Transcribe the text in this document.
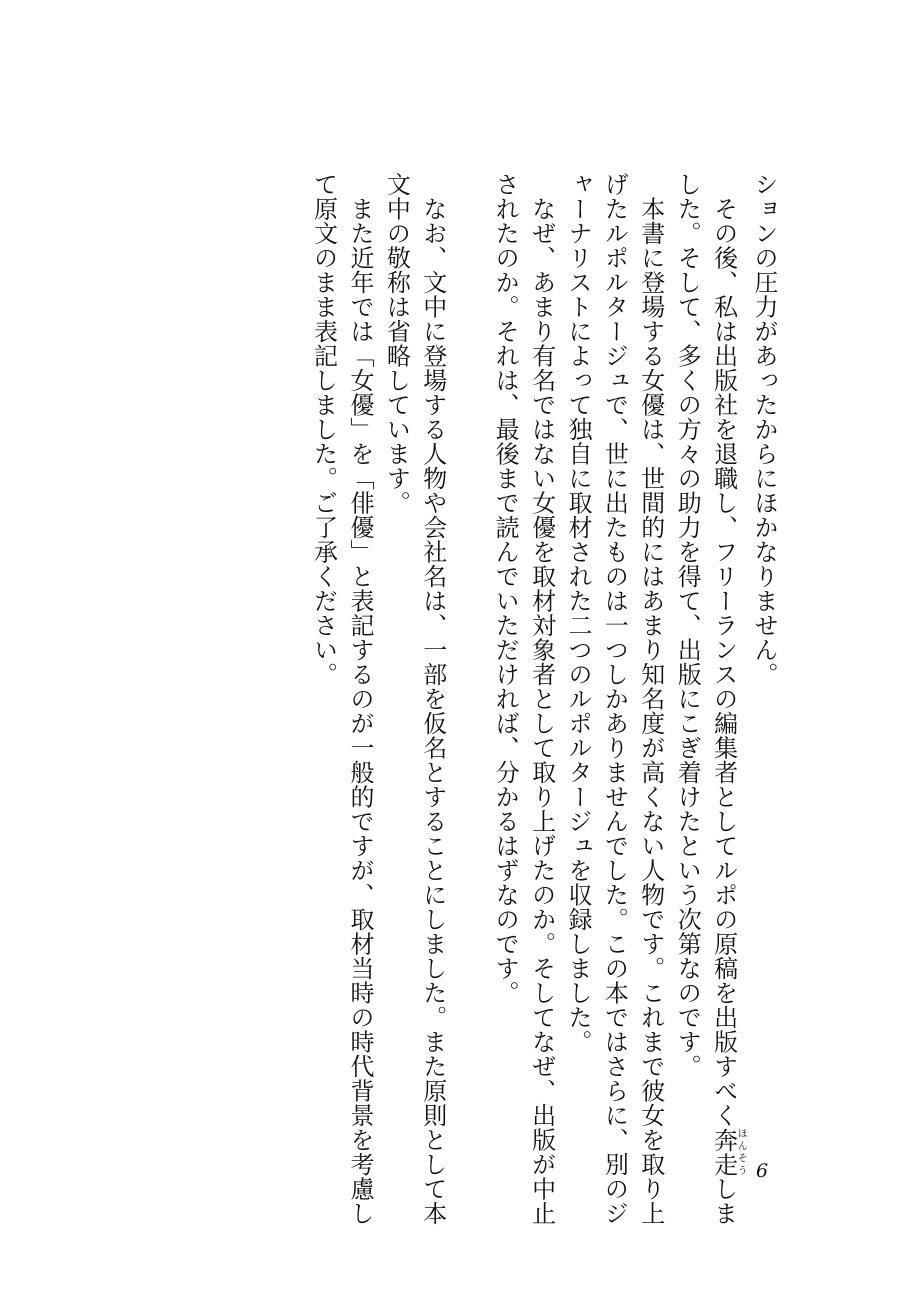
ションの圧力があったからにほかなりません。
　その後、私は出版社を退職し、フリーランスの編集者としてルポの原稿を出版すべく奔走ほんそうしま
した。そして、多くの方々の助力を得て、出版にこぎ着けたという次第なのです。
　本書に登場する女優は、世間的にはあまり知名度が高くない人物です。これまで彼女を取り上
げたルポルタージュで、世に出たものは一つしかありませんでした。この本ではさらに、別のジ
ャーナリストによって独自に取材された二つのルポルタージュを収録しました。
　なぜ、あまり有名ではない女優を取材対象者として取り上げたのか。そしてなぜ、出版が中止
されたのか。それは、最後まで読んでいただければ、分かるはずなのです。
　なお、文中に登場する人物や会社名は、一部を仮名とすることにしました。また原則として本
文中の敬称は省略しています。
　また近年では「女優」を「俳優」と表記するのが一般的ですが、取材当時の時代背景を考慮し
て原文のまま表記しました。ご了承ください。
6
